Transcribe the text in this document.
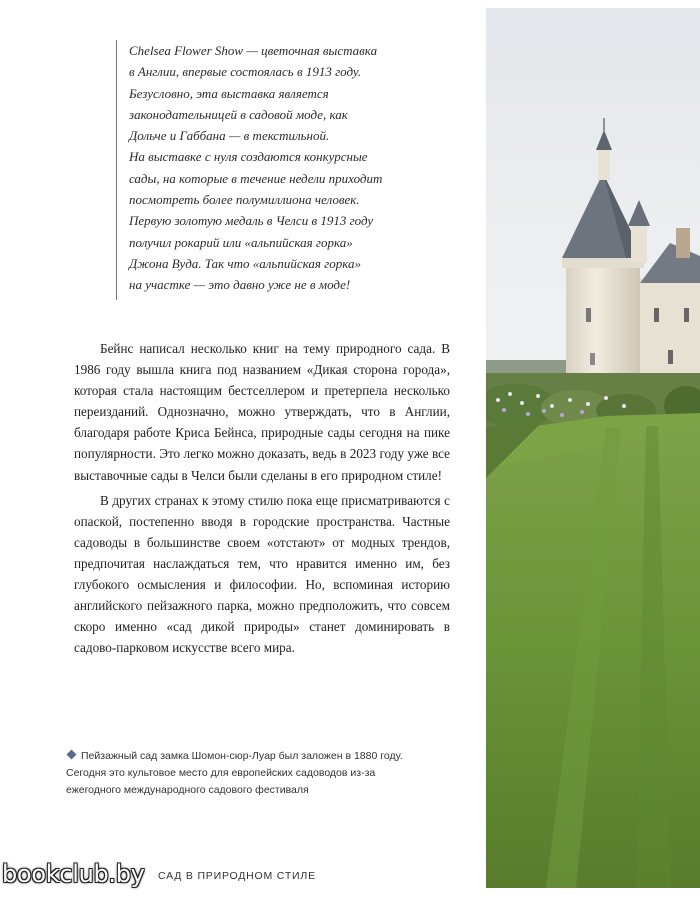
Chelsea Flower Show — цветочная выставка

в Англии, впервые состоялась в 1913 году.

Безусловно, эта выставка является

законодательницей в садовой моде, как

Дольче и Габбана — в текстильной.

На выставке с нуля создаются конкурсные

сады, на которые в течение недели приходит

посмотреть более полумиллиона человек.

Первую золотую медаль в Челси в 1913 году

получил рокарий или «альпийская горка»

Джона Вуда. Так что «альпийская горка»

на участке — это давно уже не в моде!

Бейнс написал несколько книг на тему природного сада. В 1986 году вышла книга под названием «Дикая сторона города», которая стала настоящим бестселлером и претерпела несколько переизданий. Однозначно, можно утверждать, что в Англии, благодаря работе Криса Бейнса, природные сады сегодня на пике популярности. Это легко можно доказать, ведь в 2023 году уже все выставочные сады в Челси были сделаны в его природном стиле!

В других странах к этому стилю пока еще присматриваются с опаской, постепенно вводя в городские пространства. Частные садоводы в большинстве своем «отстают» от модных трендов, предпочитая наслаждаться тем, что нравится именно им, без глубокого осмысления и философии. Но, вспоминая историю английского пейзажного парка, можно предположить, что совсем скоро именно «сад дикой природы» станет доминировать в садово-парковом искусстве всего мира.

Пейзажный сад замка Шомон-сюр-Луар был заложен в 1880 году. Сегодня это культовое место для европейских садоводов из-за ежегодного международного садового фестиваля
bookclub.by САД В ПРИРОДНОМ СТИЛЕ
